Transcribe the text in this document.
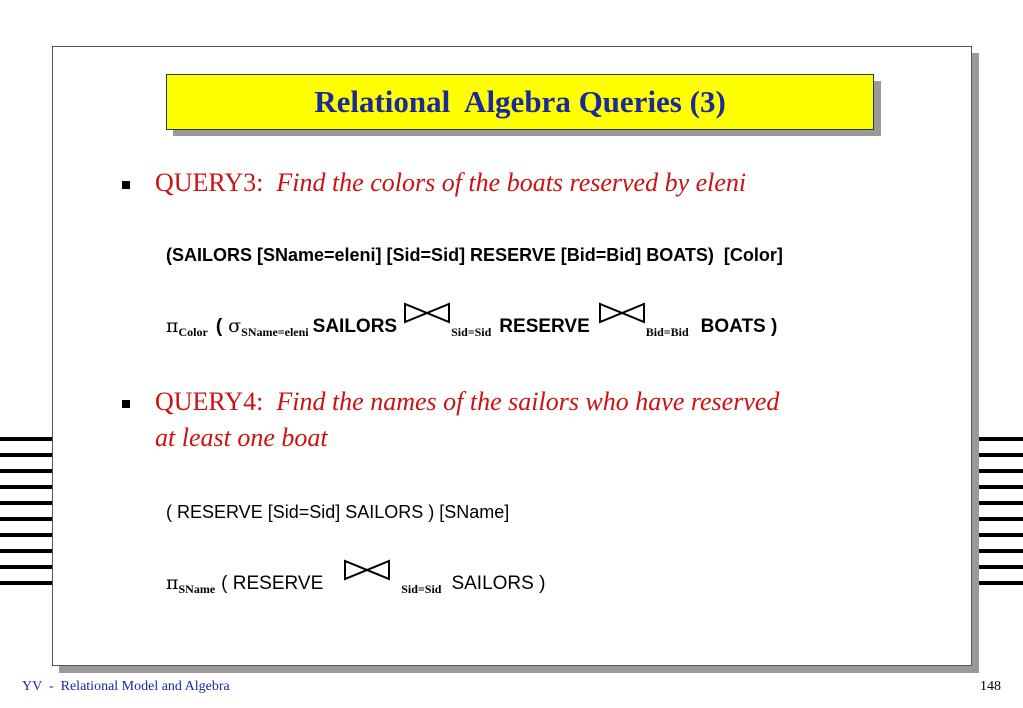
Relational  Algebra Queries (3)
QUERY3: Find the colors of the boats reserved by eleni
(SAILORS [SName=eleni] [Sid=Sid] RESERVE [Bid=Bid] BOATS)  [Color]
π Color ( σ SName=eleni SAILORS	Sid=Sid RESERVE	Bid=Bid BOATS )
QUERY4: Find the names of the sailors who have reserved
at least one boat
( RESERVE [Sid=Sid] SAILORS ) [SName]
π SName ( RESERVE	Sid=Sid SAILORS )
YV  -  Relational Model and Algebra	148
